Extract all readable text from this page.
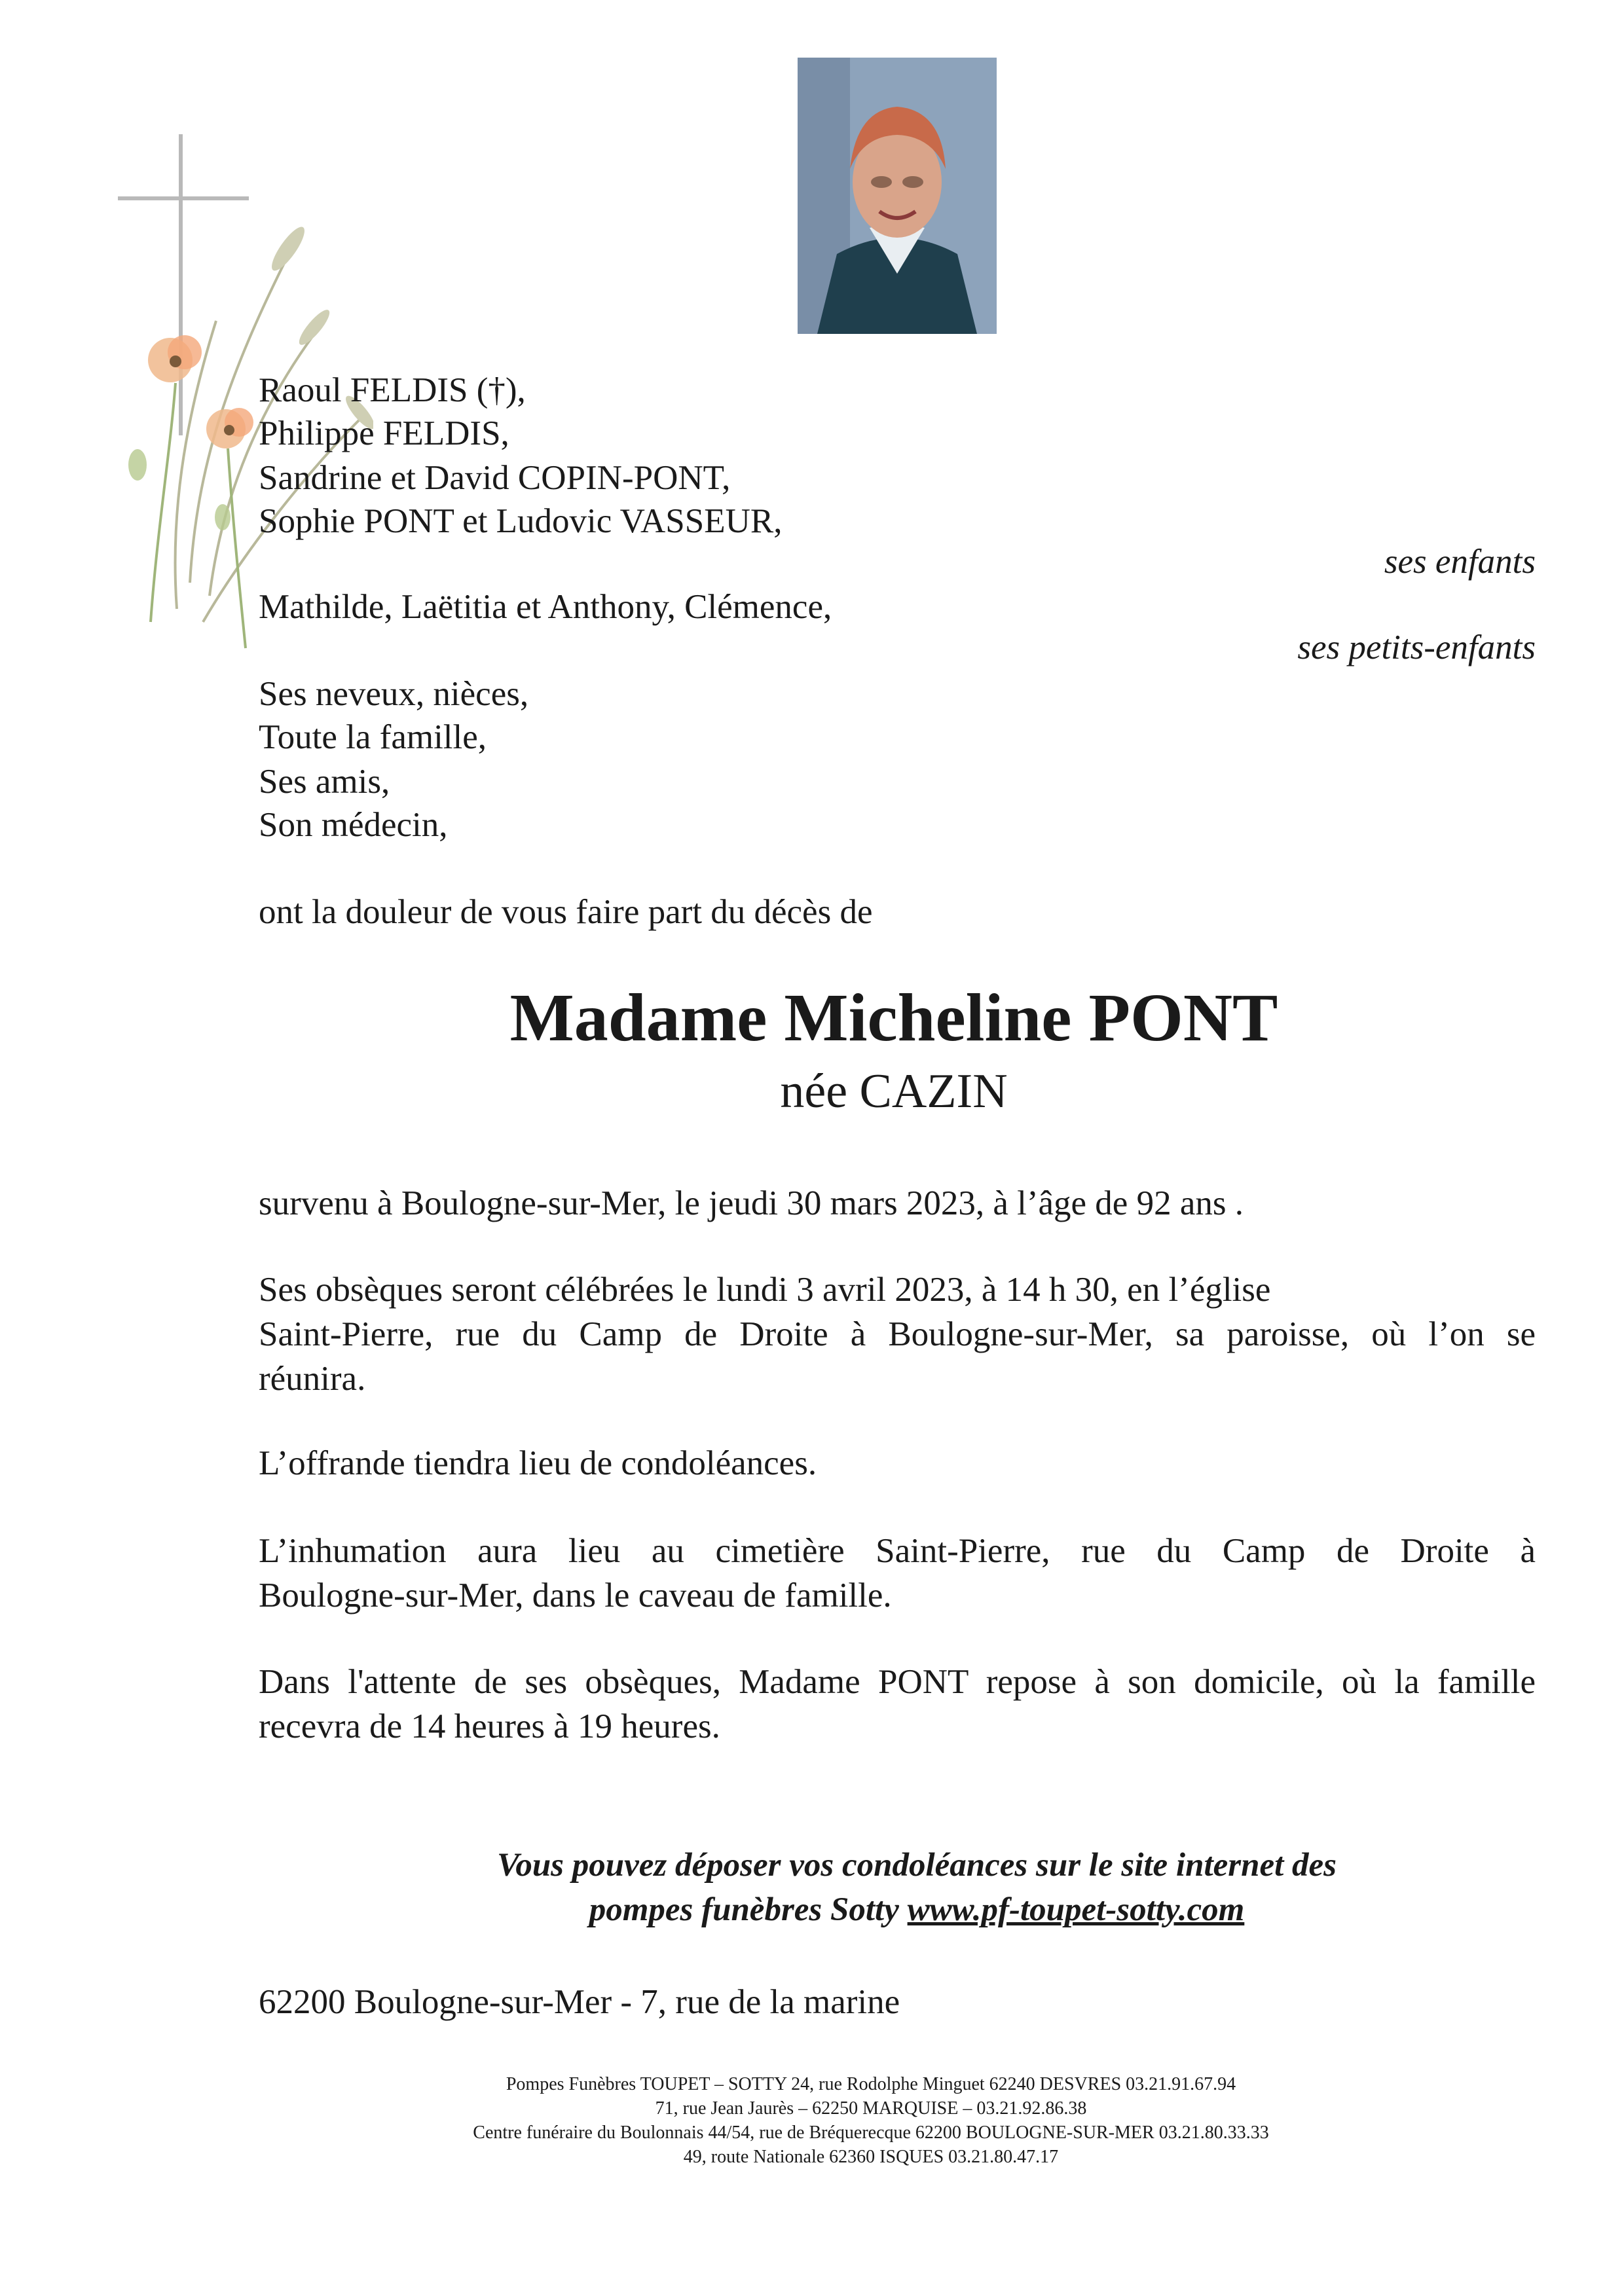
Raoul FELDIS (†),
Philippe FELDIS,
Sandrine et David COPIN-PONT,
Sophie PONT et Ludovic VASSEUR,
ses enfants
Mathilde, Laëtitia et Anthony, Clémence,
ses petits-enfants
Ses neveux, nièces,
Toute la famille,
Ses amis,
Son médecin,
ont la douleur de vous faire part du décès de
Madame Micheline PONT
née CAZIN
survenu à Boulogne-sur-Mer, le jeudi 30 mars 2023, à l’âge de 92 ans .
Ses obsèques seront célébrées le lundi 3 avril 2023, à 14 h 30, en l’église
Saint-Pierre, rue du Camp de Droite à Boulogne-sur-Mer, sa paroisse, où l’on se
réunira.
L’offrande tiendra lieu de condoléances.
L’inhumation aura lieu au cimetière Saint-Pierre, rue du Camp de Droite à
Boulogne-sur-Mer, dans le caveau de famille.
Dans l'attente de ses obsèques, Madame PONT repose à son domicile, où la famille
recevra de 14 heures à 19 heures.
Vous pouvez déposer vos condoléances sur le site internet des
pompes funèbres Sotty www.pf-toupet-sotty.com
62200 Boulogne-sur-Mer - 7, rue de la marine
Pompes Funèbres TOUPET – SOTTY 24, rue Rodolphe Minguet 62240 DESVRES 03.21.91.67.94
71, rue Jean Jaurès – 62250 MARQUISE – 03.21.92.86.38
Centre funéraire du Boulonnais 44/54, rue de Bréquerecque 62200 BOULOGNE-SUR-MER 03.21.80.33.33
49, route Nationale 62360 ISQUES 03.21.80.47.17
